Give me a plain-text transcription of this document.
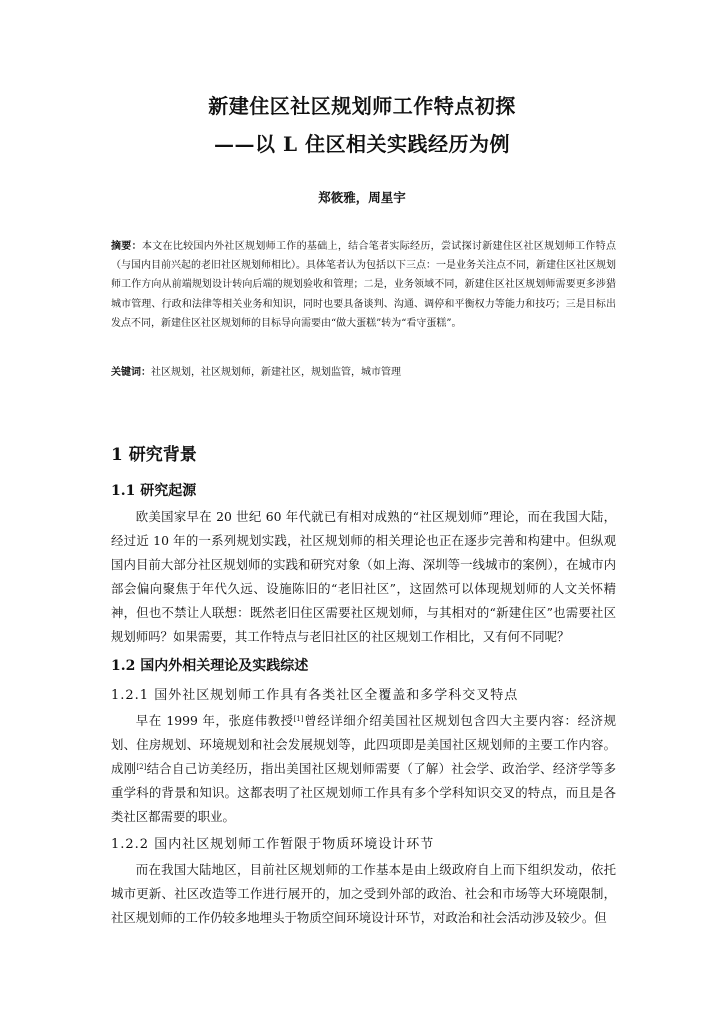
新建住区社区规划师工作特点初探
——以 L 住区相关实践经历为例
郑筱雅，周星宇
摘要：本文在比较国内外社区规划师工作的基础上，结合笔者实际经历，尝试探讨新建住区社区规划师工作特点（与国内目前兴起的老旧社区规划师相比）。具体笔者认为包括以下三点：一是业务关注点不同，新建住区社区规划师工作方向从前端规划设计转向后端的规划验收和管理；二是，业务领域不同，新建住区社区规划师需要更多涉猎城市管理、行政和法律等相关业务和知识，同时也要具备谈判、沟通、调停和平衡权力等能力和技巧；三是目标出发点不同，新建住区社区规划师的目标导向需要由“做大蛋糕”转为“看守蛋糕”。
关键词：社区规划，社区规划师，新建社区，规划监管，城市管理
1 研究背景
1.1 研究起源

欧美国家早在 20 世纪 60 年代就已有相对成熟的“社区规划师”理论，而在我国大陆，经过近 10 年的一系列规划实践，社区规划师的相关理论也正在逐步完善和构建中。但纵观国内目前大部分社区规划师的实践和研究对象（如上海、深圳等一线城市的案例），在城市内部会偏向聚焦于年代久远、设施陈旧的“老旧社区”，这固然可以体现规划师的人文关怀精神，但也不禁让人联想：既然老旧住区需要社区规划师，与其相对的“新建住区”也需要社区规划师吗？如果需要，其工作特点与老旧社区的社区规划工作相比，又有何不同呢？

1.2 国内外相关理论及实践综述
1.2.1 国外社区规划师工作具有各类社区全覆盖和多学科交叉特点

早在 1999 年，张庭伟教授[1]曾经详细介绍美国社区规划包含四大主要内容：经济规划、住房规划、环境规划和社会发展规划等，此四项即是美国社区规划师的主要工作内容。成刚[2]结合自己访美经历，指出美国社区规划师需要（了解）社会学、政治学、经济学等多重学科的背景和知识。这都表明了社区规划师工作具有多个学科知识交叉的特点，而且是各类社区都需要的职业。

1.2.2 国内社区规划师工作暂限于物质环境设计环节

而在我国大陆地区，目前社区规划师的工作基本是由上级政府自上而下组织发动，依托城市更新、社区改造等工作进行展开的，加之受到外部的政治、社会和市场等大环境限制，社区规划师的工作仍较多地埋头于物质空间环境设计环节，对政治和社会活动涉及较少。但
